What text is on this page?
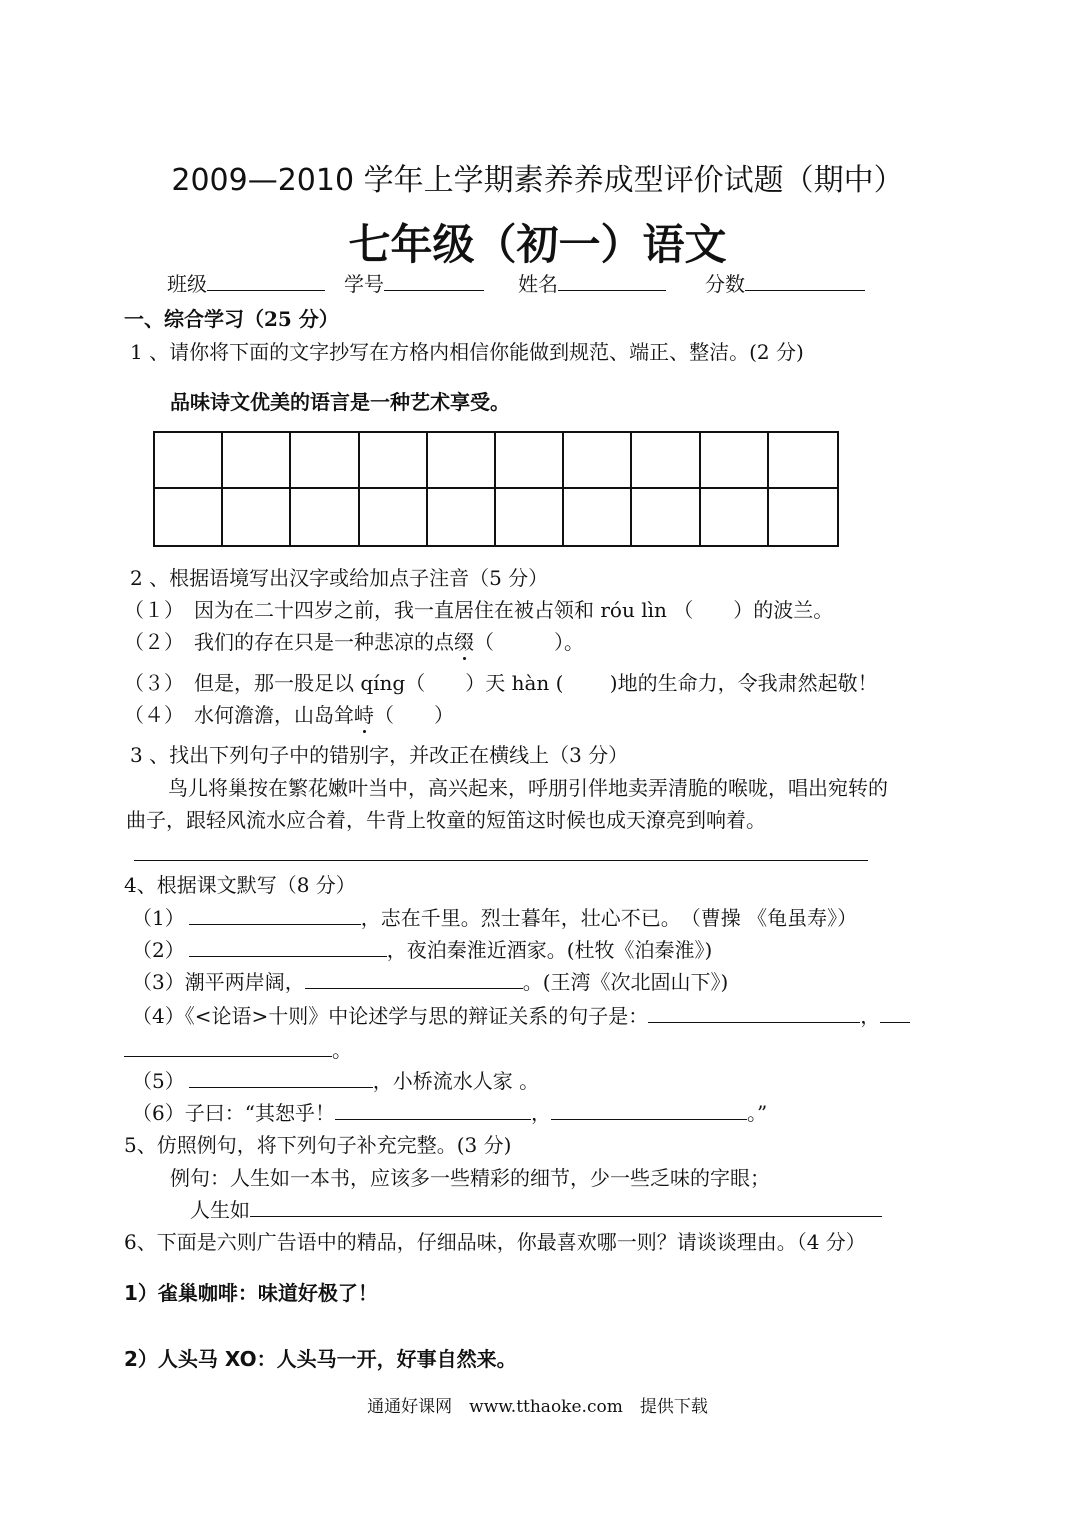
2009—2010 学年上学期素养养成型评价试题（期中）
七年级（初一）语文
班级	学号	姓名	分数
一、综合学习（25 分）
1 、请你将下面的文字抄写在方格内相信你能做到规范、端正、整洁。(2 分)
品味诗文优美的语言是一种艺术享受。
2 、根据语境写出汉字或给加点子注音（5 分）
（１） 因为在二十四岁之前，我一直居住在被占领和 róu lìn （　　）的波兰。
（２） 我们的存在只是一种悲凉的点缀（　　　）。
（３） 但是，那一股足以 qíng（　　）天 hàn (　　 )地的生命力，令我肃然起敬！
（４） 水何澹澹，山岛耸峙（　　）
3 、找出下列句子中的错别字，并改正在横线上（3 分）
鸟儿将巢按在繁花嫩叶当中，高兴起来，呼朋引伴地卖弄清脆的喉咙，唱出宛转的
曲子，跟轻风流水应合着，牛背上牧童的短笛这时候也成天潦亮到响着。
4、根据课文默写（8 分）
（1）	，志在千里。烈士暮年，壮心不已。　（曹操 《龟虽寿》）
（2）	，夜泊秦淮近酒家。(杜牧《泊秦淮》)
（3）潮平两岸阔，	。(王湾《次北固山下》)
（4）《<论语>十则》中论述学与思的辩证关系的句子是：	，
。
（5）	，小桥流水人家 。
（6）子曰：“其恕乎！	，	。”
5、仿照例句，将下列句子补充完整。(3 分)
例句：人生如一本书，应该多一些精彩的细节，少一些乏味的字眼；
人生如
6、下面是六则广告语中的精品，仔细品味，你最喜欢哪一则？请谈谈理由。（4 分）
1）雀巢咖啡：味道好极了！
2）人头马 XO：人头马一开，好事自然来。
通通好课网　www.tthaoke.com　提供下载
